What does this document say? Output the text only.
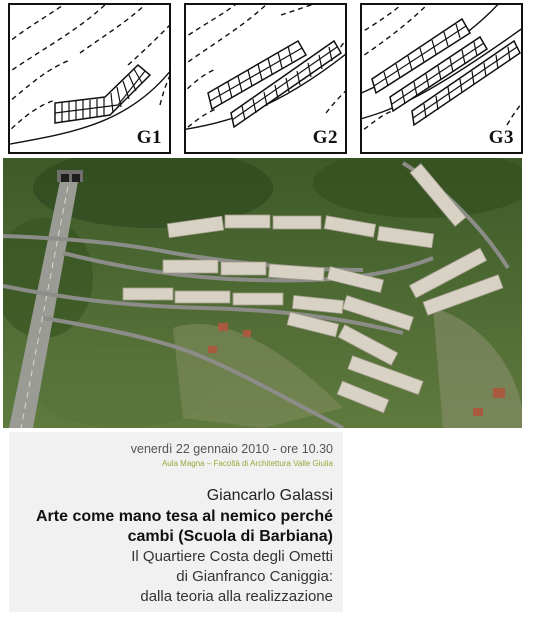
G1	G2	G3
venerdì 22 gennaio 2010 - ore 10.30
Aula Magna – Facoltà di Architettura Valle Giulia
Giancarlo Galassi
Arte come mano tesa al nemico perché
cambi (Scuola di Barbiana)
Il Quartiere Costa degli Ometti
di Gianfranco Caniggia:
dalla teoria alla realizzazione
